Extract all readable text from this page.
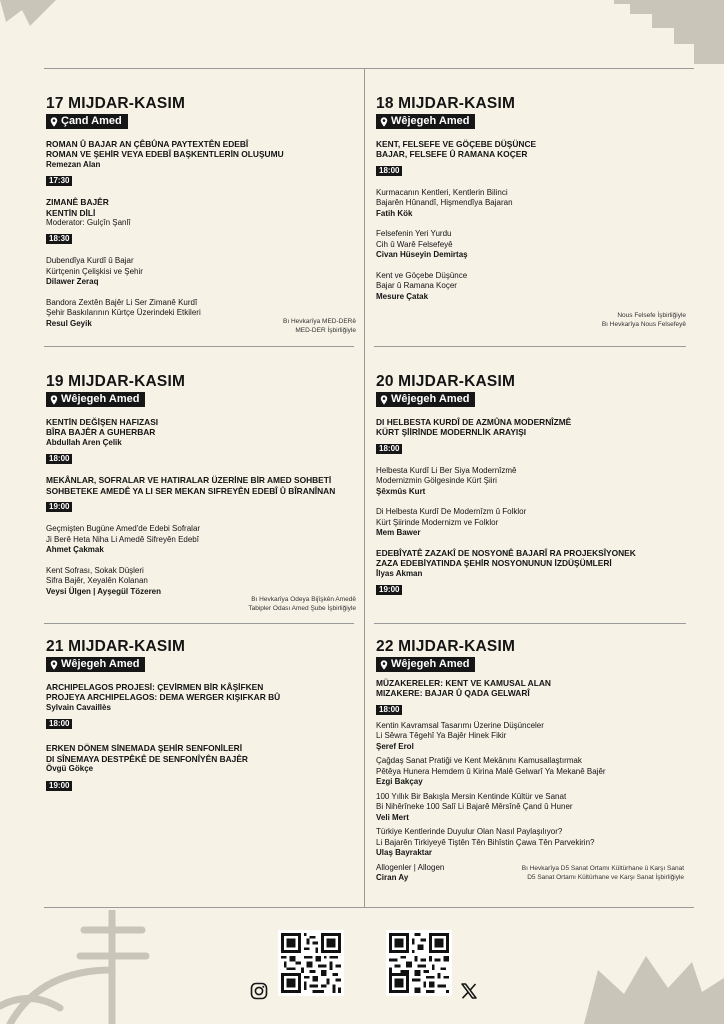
17 MIJDAR-KASIM
Çand Amed
ROMAN Û BAJAR AN ÇÊBÛNA PAYTEXTÊN EDEBÎ
ROMAN VE ŞEHİR VEYA EDEBÎ BAŞKENTLERİN OLUŞUMU
Remezan Alan
17:30
ZIMANÊ BAJÊR
KENTİN DİLİ
Moderator: Gulçîn Şanlî
18:30
Dubendîya Kurdî û Bajar
Kürtçenin Çelişkisi ve Şehir
Dilawer Zeraq
Bandora Zextên Bajêr Li Ser Zimanê Kurdî
Şehir Baskılarının Kürtçe Üzerindeki Etkileri
Resul Geyik	Bı Hevkarîya MED-DERê
MED-DER İşbirliğiyle
18 MIJDAR-KASIM
Wêjegeh Amed
KENT, FELSEFE VE GÖÇEBE DÜŞÜNCE
BAJAR, FELSEFE Û RAMANA KOÇER
18:00
Kurmacanın Kentleri, Kentlerin Bilinci
Bajarên Hûnandî, Hişmendîya Bajaran
Fatih Kök
Felsefenin Yeri Yurdu
Cih û Warê Felsefeyê
Civan Hüseyin Demirtaş
Kent ve Göçebe Düşünce
Bajar û Ramana Koçer
Mesure Çatak
Nous Felsefe İşbirliğiyle
Bı Hevkarîya Nous Felsefeyê
19 MIJDAR-KASIM
Wêjegeh Amed
KENTİN DEĞİŞEN HAFIZASI
BÎRA BAJÊR A GUHERBAR
Abdullah Aren Çelik
18:00
MEKÂNLAR, SOFRALAR VE HATIRALAR ÜZERİNE BİR AMED SOHBETİ
SOHBETEKE AMEDÊ YA LI SER MEKAN SIFREYÊN EDEBÎ Û BÎRANÎNAN
19:00
Geçmişten Bugüne Amed'de Edebi Sofralar
Ji Berê Heta Niha Li Amedê Sifreyên Edebî
Ahmet Çakmak
Kent Sofrası, Sokak Düşleri
Sifra Bajêr, Xeyalên Kolanan
Veysi Ülgen | Ayşegül Tözeren
Bı Hevkarîya Odeya Bijîşkên Amedê
Tabipler Odası Amed Şube İşbirliğiyle
20 MIJDAR-KASIM
Wêjegeh Amed
DI HELBESTA KURDÎ DE AZMÛNA MODERNÎZMÊ
KÜRT ŞİİRİNDE MODERNLİK ARAYIŞI
18:00
Helbesta Kurdî Li Ber Siya Modernîzmê
Modernizmin Gölgesinde Kürt Şiiri
Şêxmûs Kurt
Di Helbesta Kurdî De Modernîzm û Folklor
Kürt Şiirinde Modernizm ve Folklor
Mem Bawer
EDEBÎYATÊ ZAZAKÎ DE NOSYONÊ BAJARÎ RA PROJEKSÎYONEK
ZAZA EDEBİYATINDA ŞEHİR NOSYONUNUN İZDÜŞÜMLERİ
İlyas Akman
19:00
21 MIJDAR-KASIM
Wêjegeh Amed
ARCHIPELAGOS PROJESİ: ÇEVİRMEN BİR KÂŞİFKEN
PROJEYA ARCHIPELAGOS: DEMA WERGER KIŞIFKAR BÛ
Sylvain Cavaillès
18:00
ERKEN DÖNEM SİNEMADA ŞEHİR SENFONİLERİ
DI SÎNEMAYA DESTPÊKÊ DE SENFONÎYÊN BAJÊR
Övgü Gökçe
19:00
22 MIJDAR-KASIM
Wêjegeh Amed
MÜZAKERELER: KENT VE KAMUSAL ALAN
MIZAKERE: BAJAR Û QADA GELWARÎ
18:00
Kentin Kavramsal Tasarımı Üzerine Düşünceler
Li Sêwra Têgehî Ya Bajêr Hinek Fikir
Şeref Erol
Çağdaş Sanat Pratiği ve Kent Mekânını Kamusallaştırmak
Pêtêya Hunera Hemdem û Kirina Malê Gelwarî Ya Mekanê Bajêr
Ezgi Bakçay
100 Yıllık Bir Bakışla Mersin Kentinde Kültür ve Sanat
Bi Nihêrîneke 100 Salî Li Bajarê Mêrsînê Çand û Huner
Veli Mert
Türkiye Kentlerinde Duyulur Olan Nasıl Paylaşılıyor?
Li Bajarên Tirkiyeyê Tiştên Tên Bihîstin Çawa Tên Parvekirin?
Ulaş Bayraktar
Allogenler | Allogen
Ciran Ay
Bı Hevkarîya D5 Sanat Ortamı Kültürhane û Karşı Sanat
D5 Sanat Ortamı Kültürhane ve Karşı Sanat İşbirliğiyle
